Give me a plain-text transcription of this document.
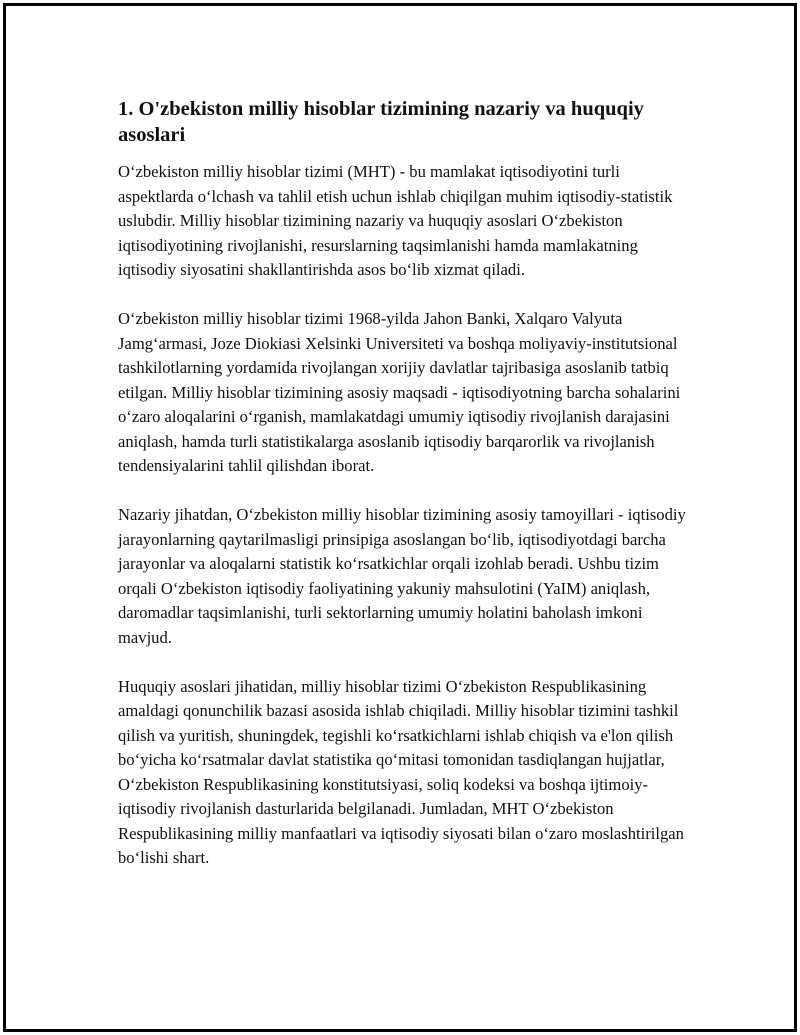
1. O'zbekiston milliy hisoblar tizimining nazariy va huquqiy asoslari

O‘zbekiston milliy hisoblar tizimi (MHT) - bu mamlakat iqtisodiyotini turli aspektlarda o‘lchash va tahlil etish uchun ishlab chiqilgan muhim iqtisodiy-statistik uslubdir. Milliy hisoblar tizimining nazariy va huquqiy asoslari O‘zbekiston iqtisodiyotining rivojlanishi, resurslarning taqsimlanishi hamda mamlakatning iqtisodiy siyosatini shakllantirishda asos bo‘lib xizmat qiladi.

O‘zbekiston milliy hisoblar tizimi 1968-yilda Jahon Banki, Xalqaro Valyuta Jamg‘armasi, Joze Diokiasi Xelsinki Universiteti va boshqa moliyaviy-institutsional tashkilotlarning yordamida rivojlangan xorijiy davlatlar tajribasiga asoslanib tatbiq etilgan. Milliy hisoblar tizimining asosiy maqsadi - iqtisodiyotning barcha sohalarini o‘zaro aloqalarini o‘rganish, mamlakatdagi umumiy iqtisodiy rivojlanish darajasini aniqlash, hamda turli statistikalarga asoslanib iqtisodiy barqarorlik va rivojlanish tendensiyalarini tahlil qilishdan iborat.

Nazariy jihatdan, O‘zbekiston milliy hisoblar tizimining asosiy tamoyillari - iqtisodiy jarayonlarning qaytarilmasligi prinsipiga asoslangan bo‘lib, iqtisodiyotdagi barcha jarayonlar va aloqalarni statistik ko‘rsatkichlar orqali izohlab beradi. Ushbu tizim orqali O‘zbekiston iqtisodiy faoliyatining yakuniy mahsulotini (YaIM) aniqlash, daromadlar taqsimlanishi, turli sektorlarning umumiy holatini baholash imkoni mavjud.

Huquqiy asoslari jihatidan, milliy hisoblar tizimi O‘zbekiston Respublikasining amaldagi qonunchilik bazasi asosida ishlab chiqiladi. Milliy hisoblar tizimini tashkil qilish va yuritish, shuningdek, tegishli ko‘rsatkichlarni ishlab chiqish va e'lon qilish bo‘yicha ko‘rsatmalar davlat statistika qo‘mitasi tomonidan tasdiqlangan hujjatlar, O‘zbekiston Respublikasining konstitutsiyasi, soliq kodeksi va boshqa ijtimoiy-iqtisodiy rivojlanish dasturlarida belgilanadi. Jumladan, MHT O‘zbekiston Respublikasining milliy manfaatlari va iqtisodiy siyosati bilan o‘zaro moslashtirilgan bo‘lishi shart.
